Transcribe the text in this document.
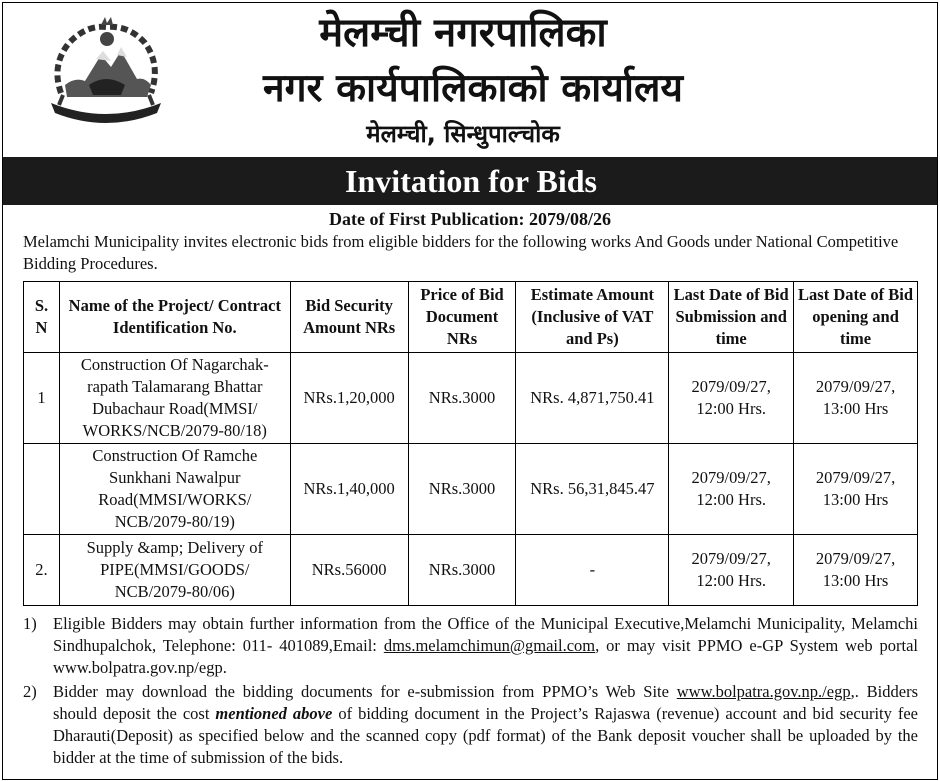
मेलम्ची नगरपालिका
नगर कार्यपालिकाको कार्यालय
मेलम्ची, सिन्धुपाल्चोक
Invitation for Bids
Date of First Publication: 2079/08/26
Melamchi Municipality invites electronic bids from eligible bidders for the following works And Goods under National Competitive Bidding Procedures.
S. N	Name of the Project/ Contract Identification No.	Bid Security Amount NRs	Price of Bid Document NRs	Estimate Amount (Inclusive of VAT and Ps)	Last Date of Bid Submission and time	Last Date of Bid opening and time
1	Construction Of Nagarchak-rapath Talamarang Bhattar Dubachaur Road(MMSI/ WORKS/NCB/2079-80/18)	NRs.1,20,000	NRs.3000	NRs. 4,871,750.41	2079/09/27, 12:00 Hrs.	2079/09/27, 13:00 Hrs
	Construction Of Ramche Sunkhani Nawalpur Road(MMSI/WORKS/ NCB/2079-80/19)	NRs.1,40,000	NRs.3000	NRs. 56,31,845.47	2079/09/27, 12:00 Hrs.	2079/09/27, 13:00 Hrs
2.	Supply &amp; Delivery of PIPE(MMSI/GOODS/ NCB/2079-80/06)	NRs.56000	NRs.3000	-	2079/09/27, 12:00 Hrs.	2079/09/27, 13:00 Hrs
1) Eligible Bidders may obtain further information from the Office of the Municipal Executive,Melamchi Municipality, Melamchi Sindhupalchok, Telephone: 011- 401089,Email: dms.melamchimun@gmail.com, or may visit PPMO e-GP System web portal www.bolpatra.gov.np/egp.
2) Bidder may download the bidding documents for e-submission from PPMO’s Web Site www.bolpatra.gov.np./egp,. Bidders should deposit the cost mentioned above of bidding document in the Project’s Rajaswa (revenue) account and bid security fee Dharauti(Deposit) as specified below and the scanned copy (pdf format) of the Bank deposit voucher shall be uploaded by the bidder at the time of submission of the bids.
